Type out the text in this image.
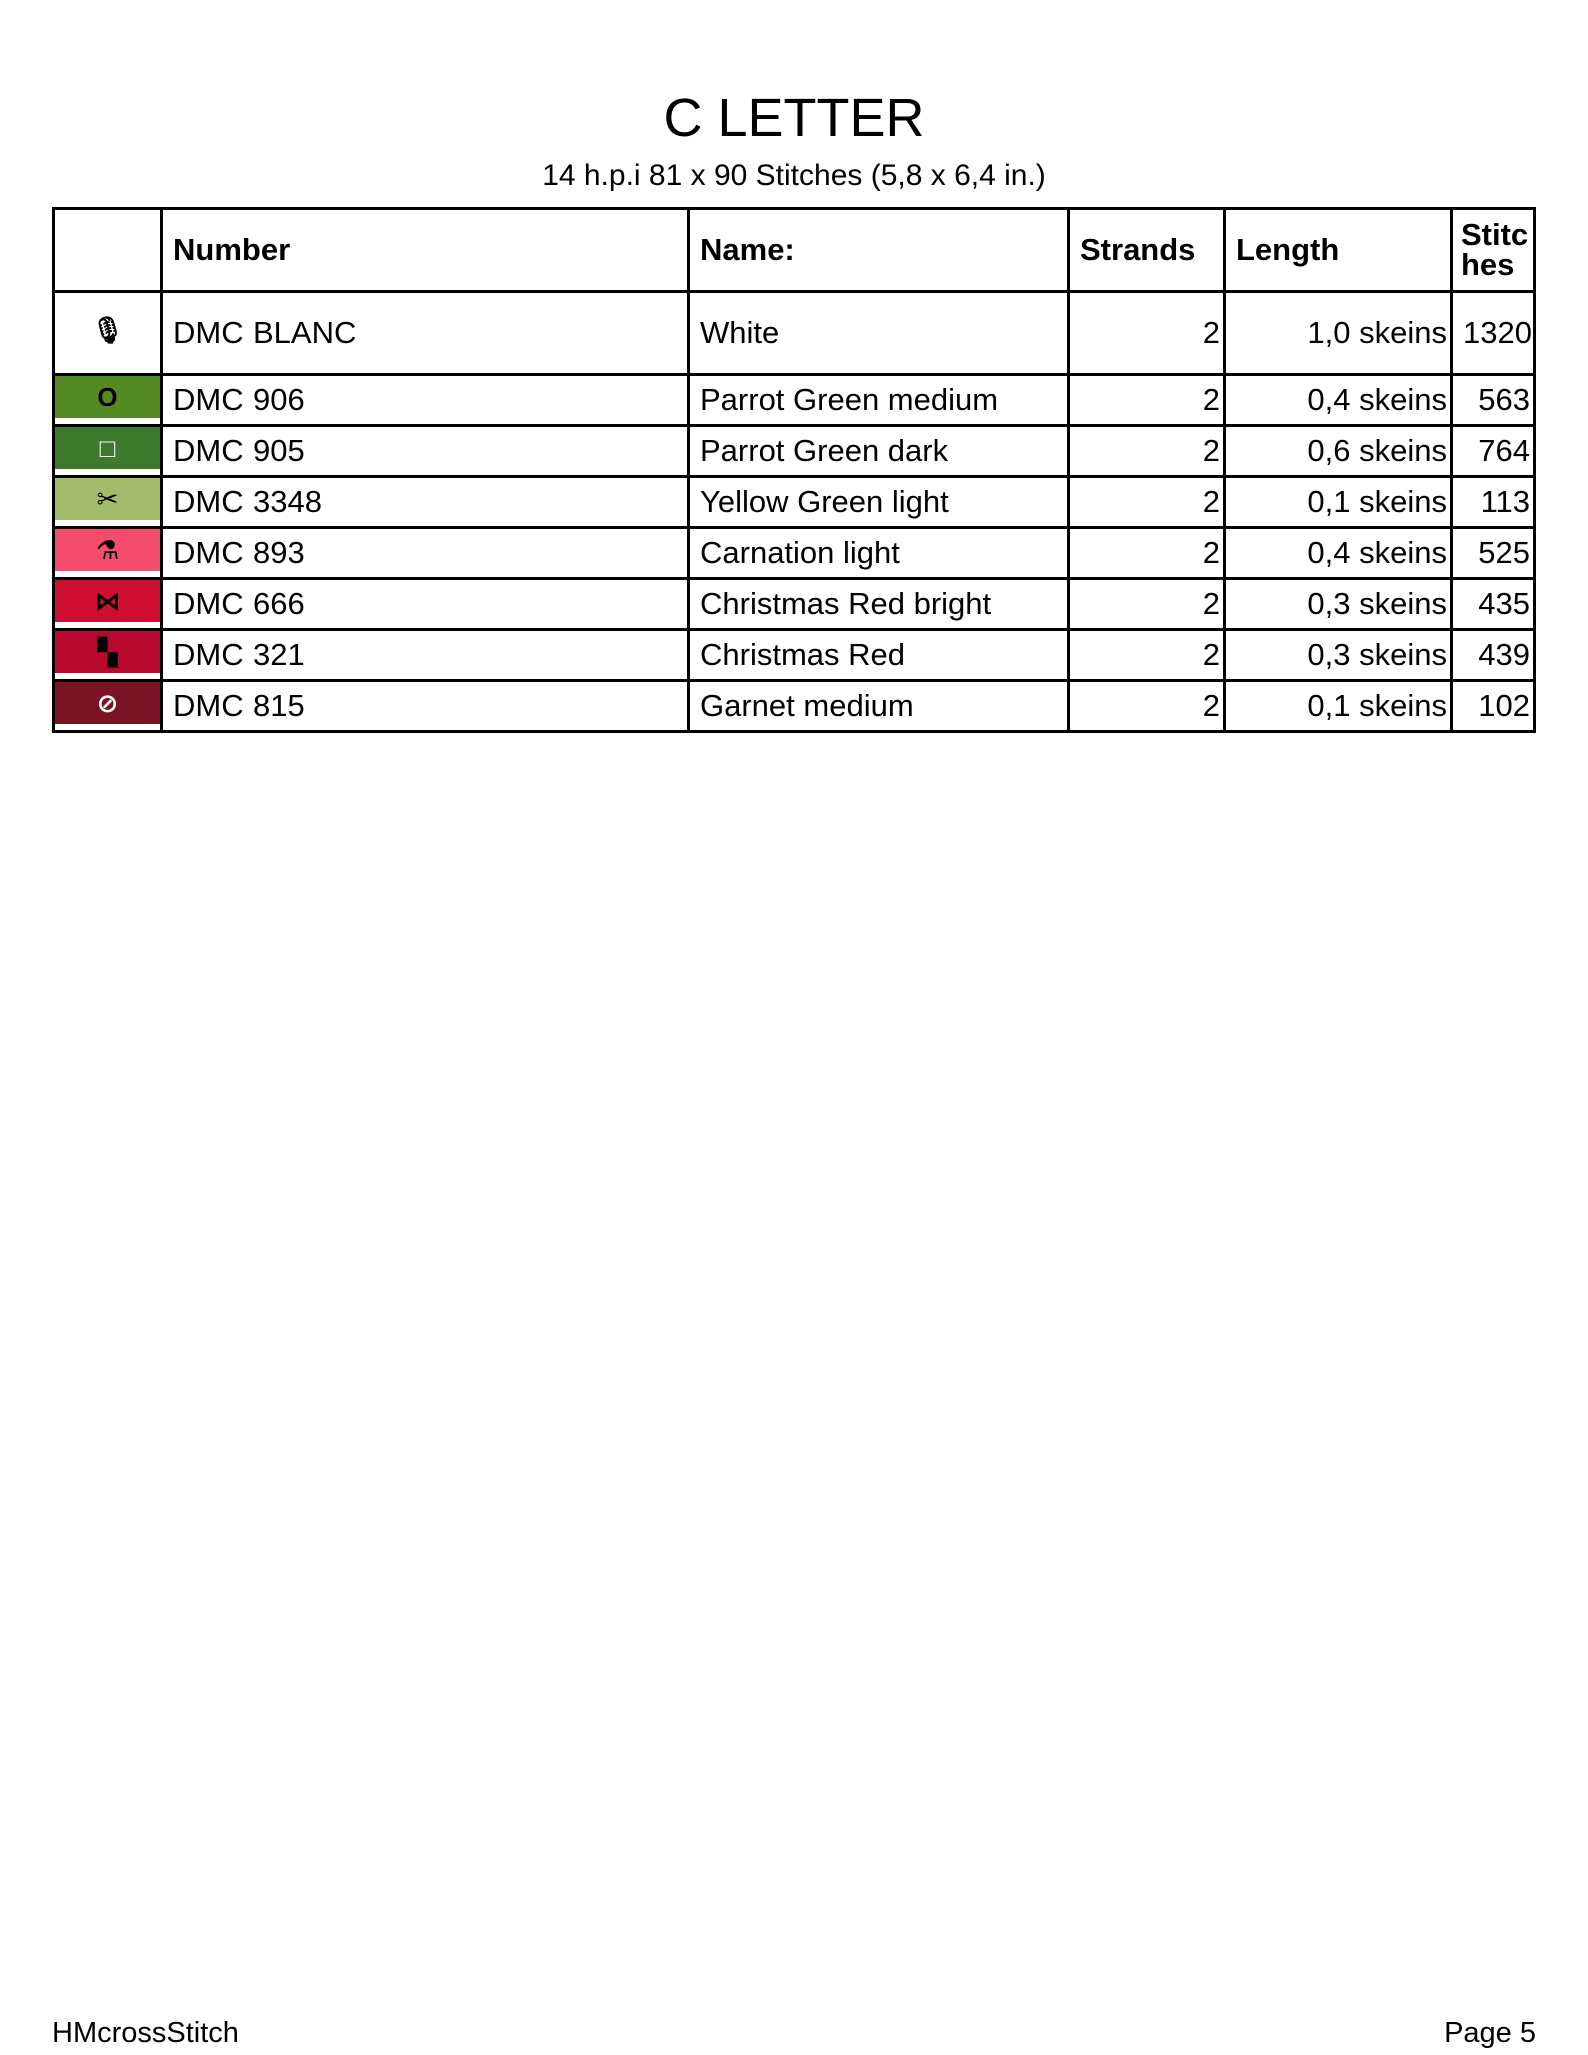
C LETTER
14 h.p.i 81 x 90 Stitches (5,8 x 6,4 in.)
	Number	Name:	Strands	Length	Stitches

🎙	DMC BLANC	White	2	1,0 skeins	1320

O	DMC 906	Parrot Green medium	2	0,4 skeins	563

□	DMC 905	Parrot Green dark	2	0,6 skeins	764

✂	DMC 3348	Yellow Green light	2	0,1 skeins	113

⚗	DMC 893	Carnation light	2	0,4 skeins	525

⋈	DMC 666	Christmas Red bright	2	0,3 skeins	435

▚	DMC 321	Christmas Red	2	0,3 skeins	439

⊘	DMC 815	Garnet medium	2	0,1 skeins	102
HMcrossStitch	Page 5
